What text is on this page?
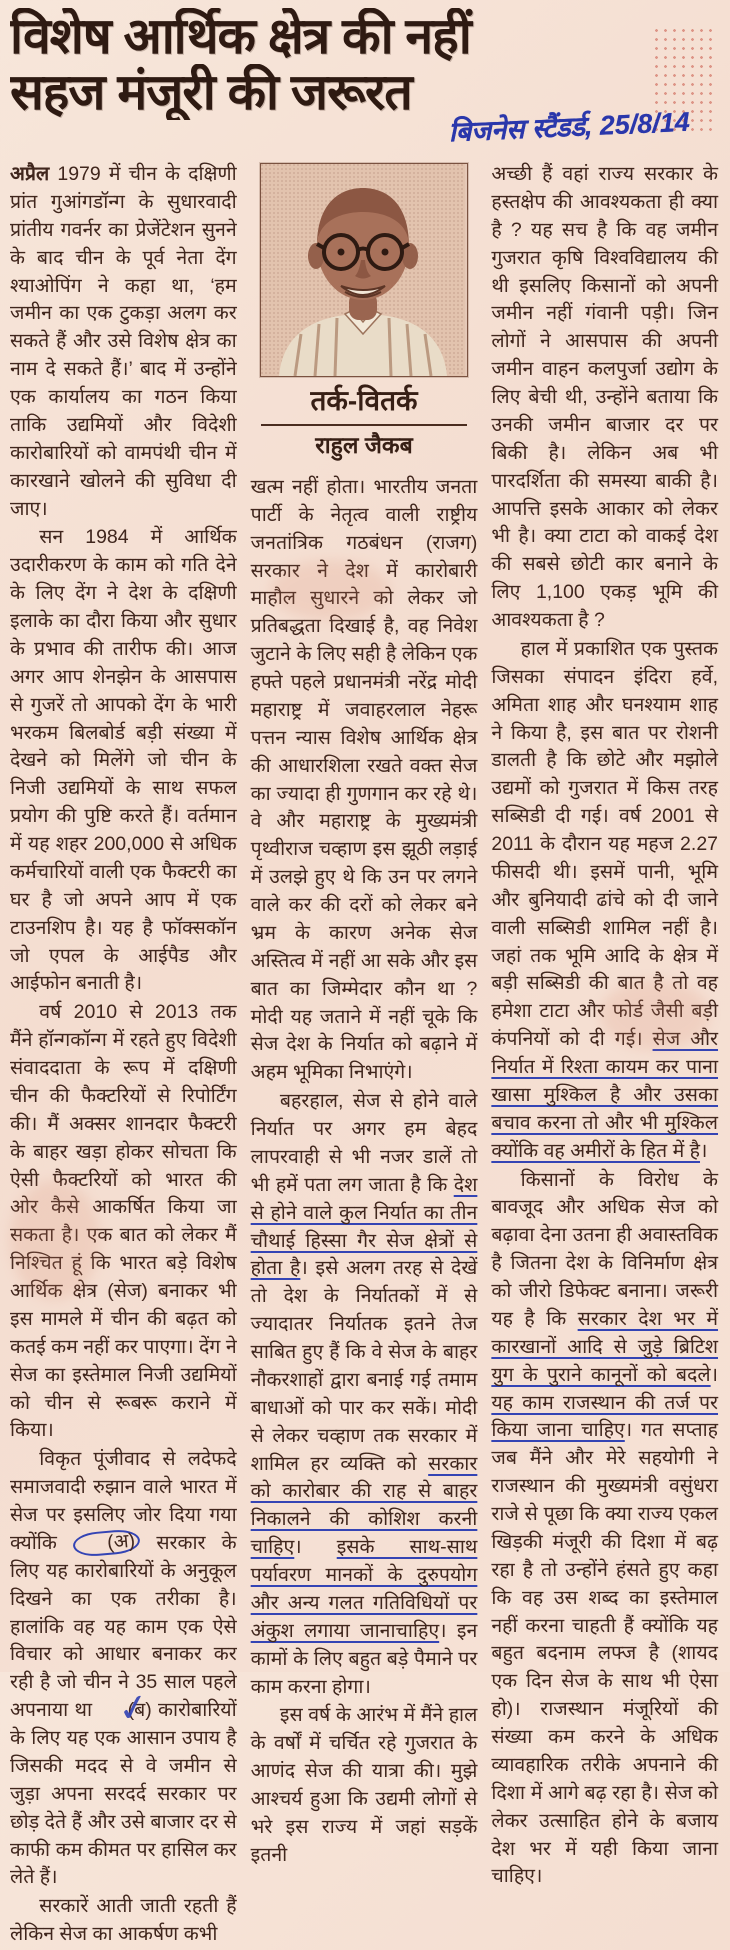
विशेष आर्थिक क्षेत्र की नहीं
सहज मंजूरी की जरूरत
बिजनेस स्टैंडर्ड, 25/8/14

अप्रैल 1979 में चीन के दक्षिणी प्रांत गुआंगडॉन्ग के सुधारवादी प्रांतीय गवर्नर का प्रेजेंटेशन सुनने के बाद चीन के पूर्व नेता देंग श्याओपिंग ने कहा था, ‘हम जमीन का एक टुकड़ा अलग कर सकते हैं और उसे विशेष क्षेत्र का नाम दे सकते हैं।’ बाद में उन्होंने एक कार्यालय का गठन किया ताकि उद्यमियों और विदेशी कारोबारियों को वामपंथी चीन में कारखाने खोलने की सुविधा दी जाए।

सन 1984 में आर्थिक उदारीकरण के काम को गति देने के लिए देंग ने देश के दक्षिणी इलाके का दौरा किया और सुधार के प्रभाव की तारीफ की। आज अगर आप शेनझेन के आसपास से गुजरें तो आपको देंग के भारी भरकम बिलबोर्ड बड़ी संख्या में देखने को मिलेंगे जो चीन के निजी उद्यमियों के साथ सफल प्रयोग की पुष्टि करते हैं। वर्तमान में यह शहर 200,000 से अधिक कर्मचारियों वाली एक फैक्टरी का घर है जो अपने आप में एक टाउनशिप है। यह है फॉक्सकॉन जो एपल के आईपैड और आईफोन बनाती है।

वर्ष 2010 से 2013 तक मैंने हॉन्गकॉन्ग में रहते हुए विदेशी संवाददाता के रूप में दक्षिणी चीन की फैक्टरियों से रिपोर्टिंग की। मैं अक्सर शानदार फैक्टरी के बाहर खड़ा होकर सोचता कि ऐसी फैक्टरियों को भारत की ओर कैसे आकर्षित किया जा सकता है। एक बात को लेकर मैं निश्चित हूं कि भारत बड़े विशेष आर्थिक क्षेत्र (सेज) बनाकर भी इस मामले में चीन की बढ़त को कतई कम नहीं कर पाएगा। देंग ने सेज का इस्तेमाल निजी उद्यमियों को चीन से रूबरू कराने में किया।

विकृत पूंजीवाद से लदेफदे समाजवादी रुझान वाले भारत में सेज पर इसलिए जोर दिया गया क्योंकि (अ) सरकार के लिए यह कारोबारियों के अनुकूल दिखने का एक तरीका है। हालांकि वह यह काम एक ऐसे विचार को आधार बनाकर कर रही है जो चीन ने 35 साल पहले अपनाया था (ब) ✓ कारोबारियों के लिए यह एक आसान उपाय है जिसकी मदद से वे जमीन से जुड़ा अपना सरदर्द सरकार पर छोड़ देते हैं और उसे बाजार दर से काफी कम कीमत पर हासिल कर लेते हैं।

सरकारें आती जाती रहती हैं लेकिन सेज का आकर्षण कभी

तर्क-वितर्क
राहुल जैकब

खत्म नहीं होता। भारतीय जनता पार्टी के नेतृत्व वाली राष्ट्रीय जनतांत्रिक गठबंधन (राजग) सरकार ने देश में कारोबारी माहौल सुधारने को लेकर जो प्रतिबद्धता दिखाई है, वह निवेश जुटाने के लिए सही है लेकिन एक हफ्ते पहले प्रधानमंत्री नरेंद्र मोदी महाराष्ट्र में जवाहरलाल नेहरू पत्तन न्यास विशेष आर्थिक क्षेत्र की आधारशिला रखते वक्त सेज का ज्यादा ही गुणगान कर रहे थे। वे और महाराष्ट्र के मुख्यमंत्री पृथ्वीराज चव्हाण इस झूठी लड़ाई में उलझे हुए थे कि उन पर लगने वाले कर की दरों को लेकर बने भ्रम के कारण अनेक सेज अस्तित्व में नहीं आ सके और इस बात का जिम्मेदार कौन था ? मोदी यह जताने में नहीं चूके कि सेज देश के निर्यात को बढ़ाने में अहम भूमिका निभाएंगे।

बहरहाल, सेज से होने वाले निर्यात पर अगर हम बेहद लापरवाही से भी नजर डालें तो भी हमें पता लग जाता है कि देश से होने वाले कुल निर्यात का तीन चौथाई हिस्सा गैर सेज क्षेत्रों से होता है। इसे अलग तरह से देखें तो देश के निर्यातकों में से ज्यादातर निर्यातक इतने तेज साबित हुए हैं कि वे सेज के बाहर नौकरशाहों द्वारा बनाई गई तमाम बाधाओं को पार कर सकें। मोदी से लेकर चव्हाण तक सरकार में शामिल हर व्यक्ति को सरकार को कारोबार की राह से बाहर निकालने की कोशिश करनी चाहिए। इसके साथ-साथ पर्यावरण मानकों के दुरुपयोग और अन्य गलत गतिविधियों पर अंकुश लगाया जानाचाहिए। इन कामों के लिए बहुत बड़े पैमाने पर काम करना होगा।

इस वर्ष के आरंभ में मैंने हाल के वर्षों में चर्चित रहे गुजरात के आणंद सेज की यात्रा की। मुझे आश्चर्य हुआ कि उद्यमी लोगों से भरे इस राज्य में जहां सड़कें इतनी

अच्छी हैं वहां राज्य सरकार के हस्तक्षेप की आवश्यकता ही क्या है ? यह सच है कि वह जमीन गुजरात कृषि विश्वविद्यालय की थी इसलिए किसानों को अपनी जमीन नहीं गंवानी पड़ी। जिन लोगों ने आसपास की अपनी जमीन वाहन कलपुर्जा उद्योग के लिए बेची थी, उन्होंने बताया कि उनकी जमीन बाजार दर पर बिकी है। लेकिन अब भी पारदर्शिता की समस्या बाकी है। आपत्ति इसके आकार को लेकर भी है। क्या टाटा को वाकई देश की सबसे छोटी कार बनाने के लिए 1,100 एकड़ भूमि की आवश्यकता है ?

हाल में प्रकाशित एक पुस्तक जिसका संपादन इंदिरा हर्वे, अमिता शाह और घनश्याम शाह ने किया है, इस बात पर रोशनी डालती है कि छोटे और मझोले उद्यमों को गुजरात में किस तरह सब्सिडी दी गई। वर्ष 2001 से 2011 के दौरान यह महज 2.27 फीसदी थी। इसमें पानी, भूमि और बुनियादी ढांचे को दी जाने वाली सब्सिडी शामिल नहीं है। जहां तक भूमि आदि के क्षेत्र में बड़ी सब्सिडी की बात है तो वह हमेशा टाटा और फोर्ड जैसी बड़ी कंपनियों को दी गई। सेज और निर्यात में रिश्ता कायम कर पाना खासा मुश्किल है और उसका बचाव करना तो और भी मुश्किल क्योंकि वह अमीरों के हित में है।

किसानों के विरोध के बावजूद और अधिक सेज को बढ़ावा देना उतना ही अवास्तविक है जितना देश के विनिर्माण क्षेत्र को जीरो डिफेक्ट बनाना। जरूरी यह है कि सरकार देश भर में कारखानों आदि से जुड़े ब्रिटिश युग के पुराने कानूनों को बदले। यह काम राजस्थान की तर्ज पर किया जाना चाहिए। गत सप्ताह जब मैंने और मेरे सहयोगी ने राजस्थान की मुख्यमंत्री वसुंधरा राजे से पूछा कि क्या राज्य एकल खिड़की मंजूरी की दिशा में बढ़ रहा है तो उन्होंने हंसते हुए कहा कि वह उस शब्द का इस्तेमाल नहीं करना चाहती हैं क्योंकि यह बहुत बदनाम लफ्ज है (शायद एक दिन सेज के साथ भी ऐसा हो)। राजस्थान मंजूरियों की संख्या कम करने के अधिक व्यावहारिक तरीके अपनाने की दिशा में आगे बढ़ रहा है। सेज को लेकर उत्साहित होने के बजाय देश भर में यही किया जाना चाहिए।
